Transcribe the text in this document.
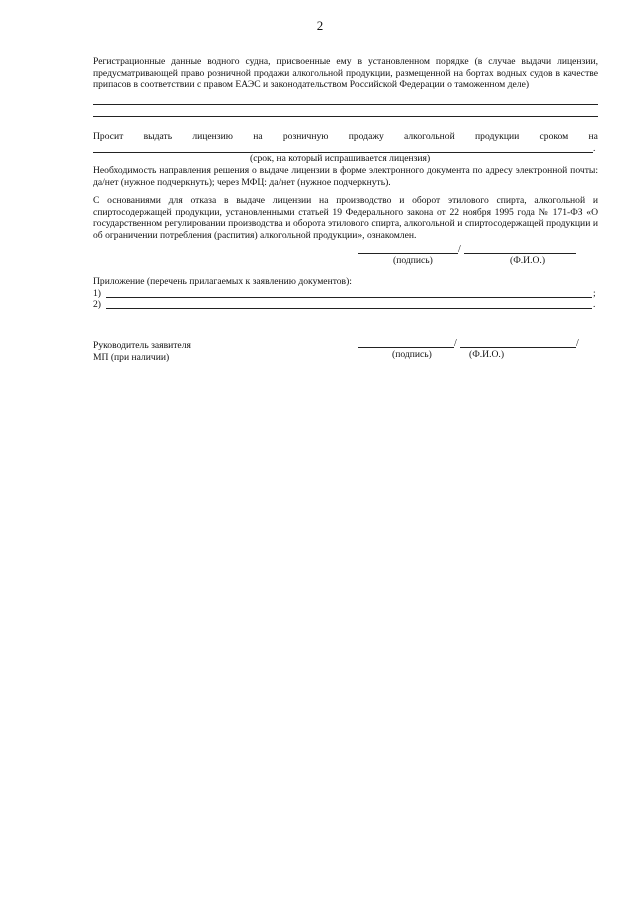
2
Регистрационные данные водного судна, присвоенные ему в установленном порядке (в случае выдачи лицензии, предусматривающей право розничной продажи алкогольной продукции, размещенной на бортах водных судов в качестве припасов в соответствии с правом ЕАЭС и законодательством Российской Федерации о таможенном деле)
Просит выдать лицензию на розничную продажу алкогольной продукции сроком на
.
(срок, на который испрашивается лицензия)
Необходимость направления решения о выдаче лицензии в форме электронного документа по адресу электронной почты: да/нет (нужное подчеркнуть); через МФЦ: да/нет (нужное подчеркнуть).
С основаниями для отказа в выдаче лицензии на производство и оборот этилового спирта, алкогольной и спиртосодержащей продукции, установленными статьей 19 Федерального закона от 22 ноября 1995 года № 171-ФЗ «О государственном регулировании производства и оборота этилового спирта, алкогольной и спиртосодержащей продукции и об ограничении потребления (распития) алкогольной продукции», ознакомлен.
/
(подпись)	(Ф.И.О.)
Приложение (перечень прилагаемых к заявлению документов):
1)	;
2)	.
Руководитель заявителя
МП (при наличии)
/	/
(подпись)	(Ф.И.О.)
